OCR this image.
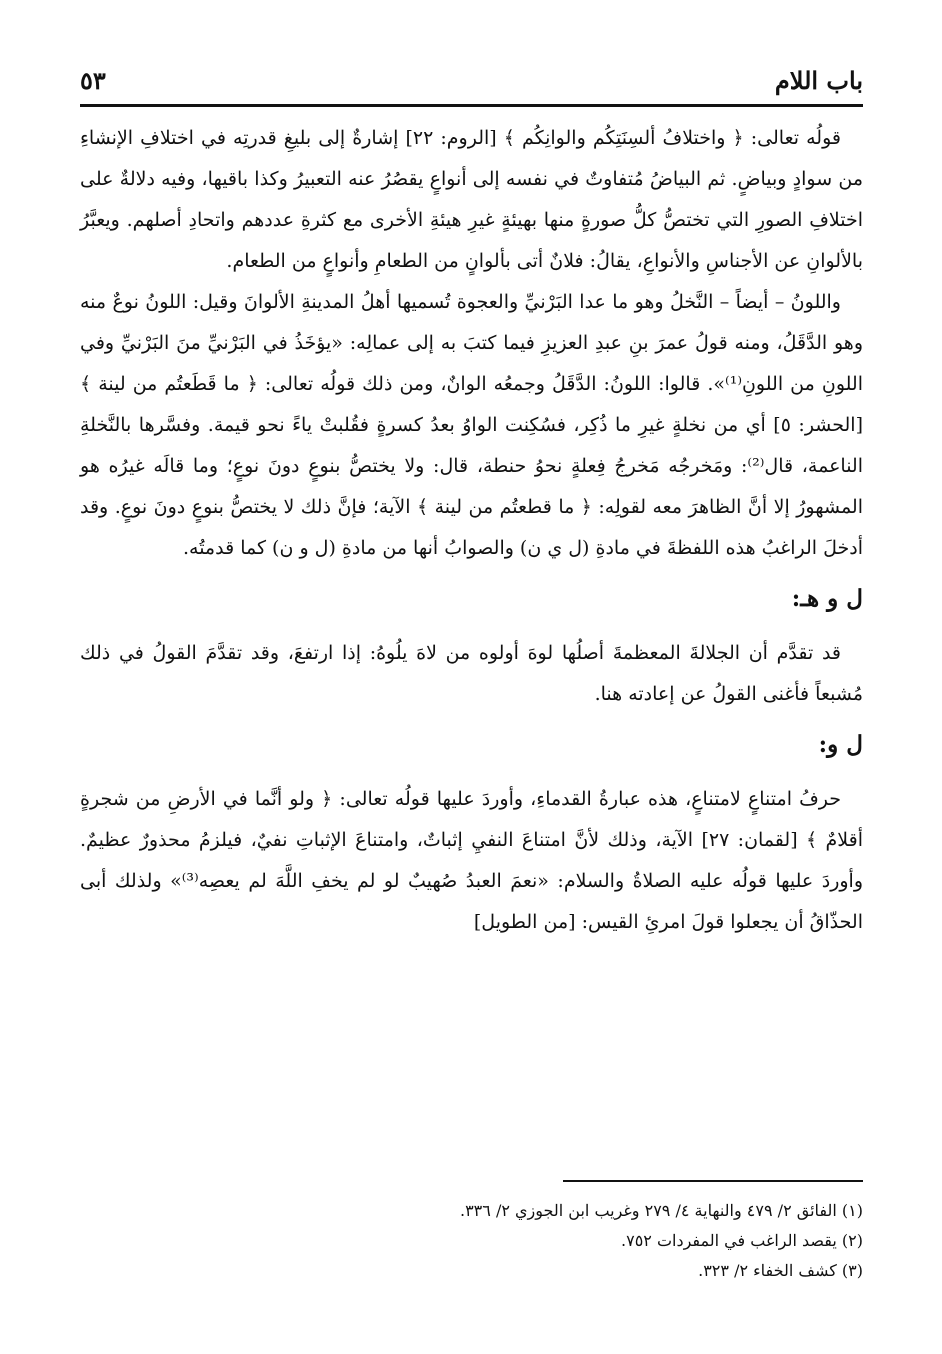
باب اللام
٥٣

قولُه تعالى: ﴿ واختلافُ ألسِنَتِكُم والوانِكُم ﴾ [الروم: ٢٢] إشارةٌ إلى بليغِ قدرتِه في اختلافِ الإنشاءِ من سوادٍ وبياضٍ. ثم البياضُ مُتفاوتٌ في نفسه إلى أنواعٍ يقصُرُ عنه التعبيرُ وكذا باقيها، وفيه دلالةٌ على اختلافِ الصورِ التي تختصُّ كلُّ صورةٍ منها بهيئةٍ غيرِ هيئةِ الأخرى مع كثرةِ عددهم واتحادِ أصلهم. ويعبَّرُ بالألوانِ عن الأجناسِ والأنواعِ، يقالُ: فلانٌ أتى بألوانٍ من الطعامِ وأنواعٍ من الطعام.

واللونُ – أيضاً – النَّخلُ وهو ما عدا البَرْنيِّ والعجوة تُسميها أهلُ المدينةِ الألوانَ وقيل: اللونُ نوعٌ منه وهو الدَّقَلُ، ومنه قولُ عمرَ بنِ عبدِ العزيزِ فيما كتبَ به إلى عمالِه: «يؤخَذُ في البَرْنيِّ منَ البَرْنيِّ وفي اللونِ من اللونِ⁽¹⁾». قالوا: اللونُ: الدَّقَلُ وجمعُه الوانٌ، ومن ذلك قولُه تعالى: ﴿ ما قَطَعتُم من لينة ﴾ [الحشر: ٥] أي من نخلةٍ غيرِ ما ذُكِر، فسُكِنت الواوُ بعدُ كسرةٍ فقُلبتْ ياءً نحو قيمة. وفسَّرها بالنَّخلةِ الناعمة، قال⁽²⁾: ومَخرجُه مَخرجُ فِعلةٍ نحوُ حنطة، قال: ولا يختصُّ بنوعٍ دونَ نوعٍ؛ وما قالَه غيرُه هو المشهورُ إلا أنَّ الظاهرَ معه لقولِه: ﴿ ما قطعتُم من لينة ﴾ الآية؛ فإنَّ ذلك لا يختصُّ بنوعٍ دونَ نوعٍ. وقد أدخلَ الراغبُ هذه اللفظةَ في مادةِ (ل ي ن) والصوابُ أنها من مادةِ (ل و ن) كما قدمتُه.

ل و هـ:

قد تقدَّم أن الجلالةَ المعظمةَ أصلُها لوهَ أولوه من لاهَ يلُوهُ: إذا ارتفعَ، وقد تقدَّمَ القولُ في ذلك مُشبعاً فأغنى القولُ عن إعادته هنا.

ل و:

حرفُ امتناعٍ لامتناعٍ، هذه عبارةُ القدماءِ، وأوردَ عليها قولُه تعالى: ﴿ ولو أنَّما في الأرضِ من شجرةٍ أقلامٌ ﴾ [لقمان: ٢٧] الآية، وذلك لأنَّ امتناعَ النفيِ إثباتٌ، وامتناعَ الإثباتِ نفيٌ، فيلزمُ محذورٌ عظيمٌ. وأوردَ عليها قولُه عليه الصلاةُ والسلام: «نعمَ العبدُ صُهيبٌ لو لم يخفِ اللَّهَ لم يعصِه⁽³⁾» ولذلك أبى الحذّاقُ أن يجعلوا قولَ امرئِ القيس: [من الطويل]

(١) الفائق ٢/ ٤٧٩ والنهاية ٤/ ٢٧٩ وغريب ابن الجوزي ٢/ ٣٣٦.
(٢) يقصد الراغب في المفردات ٧٥٢.
(٣) كشف الخفاء ٢/ ٣٢٣.
